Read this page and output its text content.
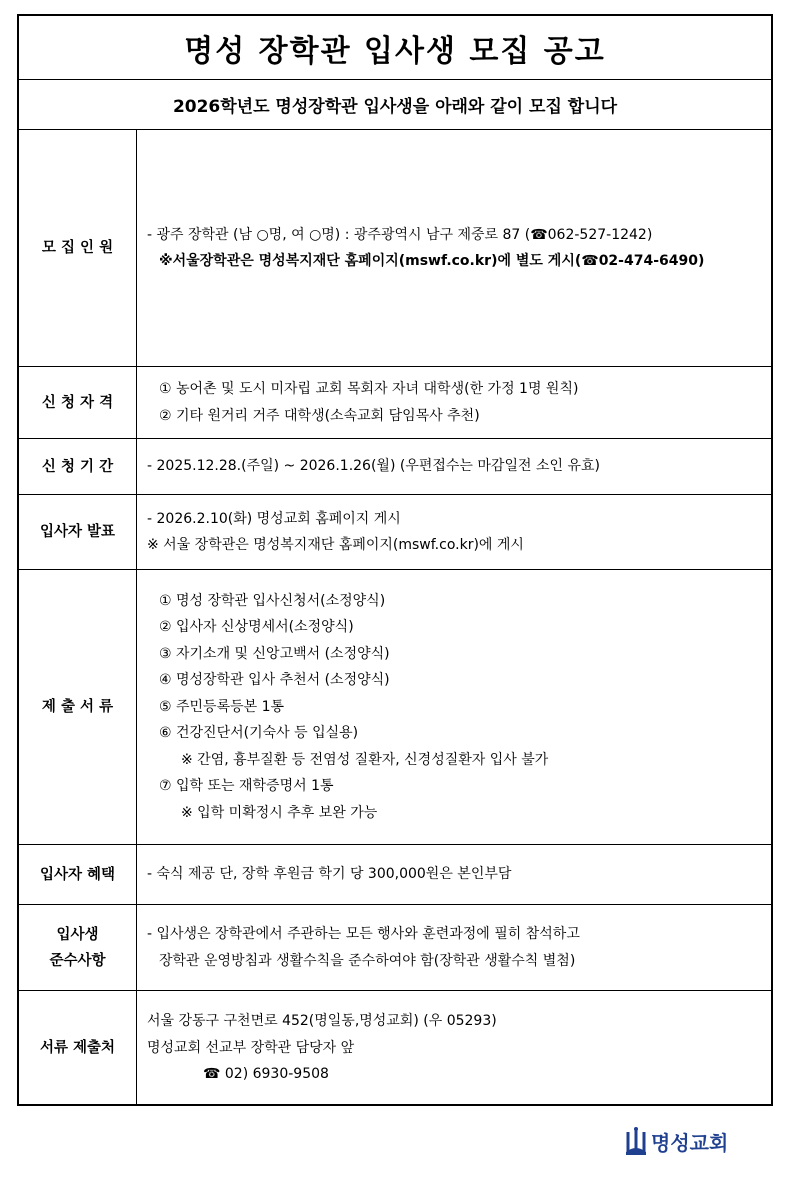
명성 장학관 입사생 모집 공고
2026학년도 명성장학관 입사생을 아래와 같이 모집 합니다
모 집 인 원
- 광주 장학관 (남 ○명, 여 ○명) : 광주광역시 남구 제중로 87 (☎062-527-1242)
※서울장학관은 명성복지재단 홈페이지(mswf.co.kr)에 별도 게시(☎02-474-6490)
신 청 자 격
① 농어촌 및 도시 미자립 교회 목회자 자녀 대학생(한 가정 1명 원칙)
② 기타 원거리 거주 대학생(소속교회 담임목사 추천)
신 청 기 간	- 2025.12.28.(주일) ~ 2026.1.26(월) (우편접수는 마감일전 소인 유효)
입사자 발표
- 2026.2.10(화) 명성교회 홈페이지 게시
※ 서울 장학관은 명성복지재단 홈페이지(mswf.co.kr)에 게시
제 출 서 류
① 명성 장학관 입사신청서(소정양식)
② 입사자 신상명세서(소정양식)
③ 자기소개 및 신앙고백서 (소정양식)
④ 명성장학관 입사 추천서 (소정양식)
⑤ 주민등록등본 1통
⑥ 건강진단서(기숙사 등 입실용)
※ 간염, 흉부질환 등 전염성 질환자, 신경성질환자 입사 불가
⑦ 입학 또는 재학증명서 1통
※ 입학 미확정시 추후 보완 가능
입사자 혜택	- 숙식 제공 단, 장학 후원금 학기 당 300,000원은 본인부담
입사생
준수사항
- 입사생은 장학관에서 주관하는 모든 행사와 훈련과정에 필히 참석하고
장학관 운영방침과 생활수칙을 준수하여야 함(장학관 생활수칙 별첨)
서류 제출처
서울 강동구 구천면로 452(명일동,명성교회) (우 05293)
명성교회 선교부 장학관 담당자 앞
☎ 02) 6930-9508
명성교회
